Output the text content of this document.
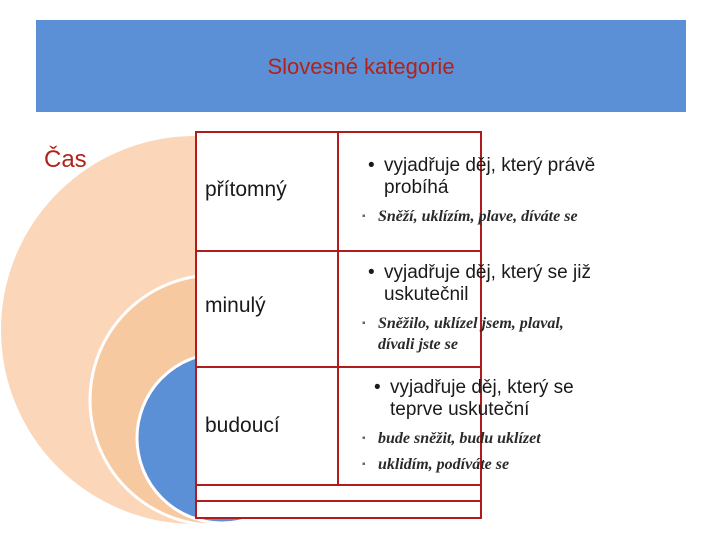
Slovesné kategorie
Čas
přítomný
• vyjadřuje děj, který právě
probíhá
▪ Sněží, uklízím, plave, díváte se
minulý
• vyjadřuje děj, který se již
uskutečnil
▪ Sněžilo, uklízel jsem, plaval,
dívali jste se
budoucí
• vyjadřuje děj, který se
teprve uskuteční
▪ bude sněžit, budu uklízet
▪ uklidím, podíváte se
